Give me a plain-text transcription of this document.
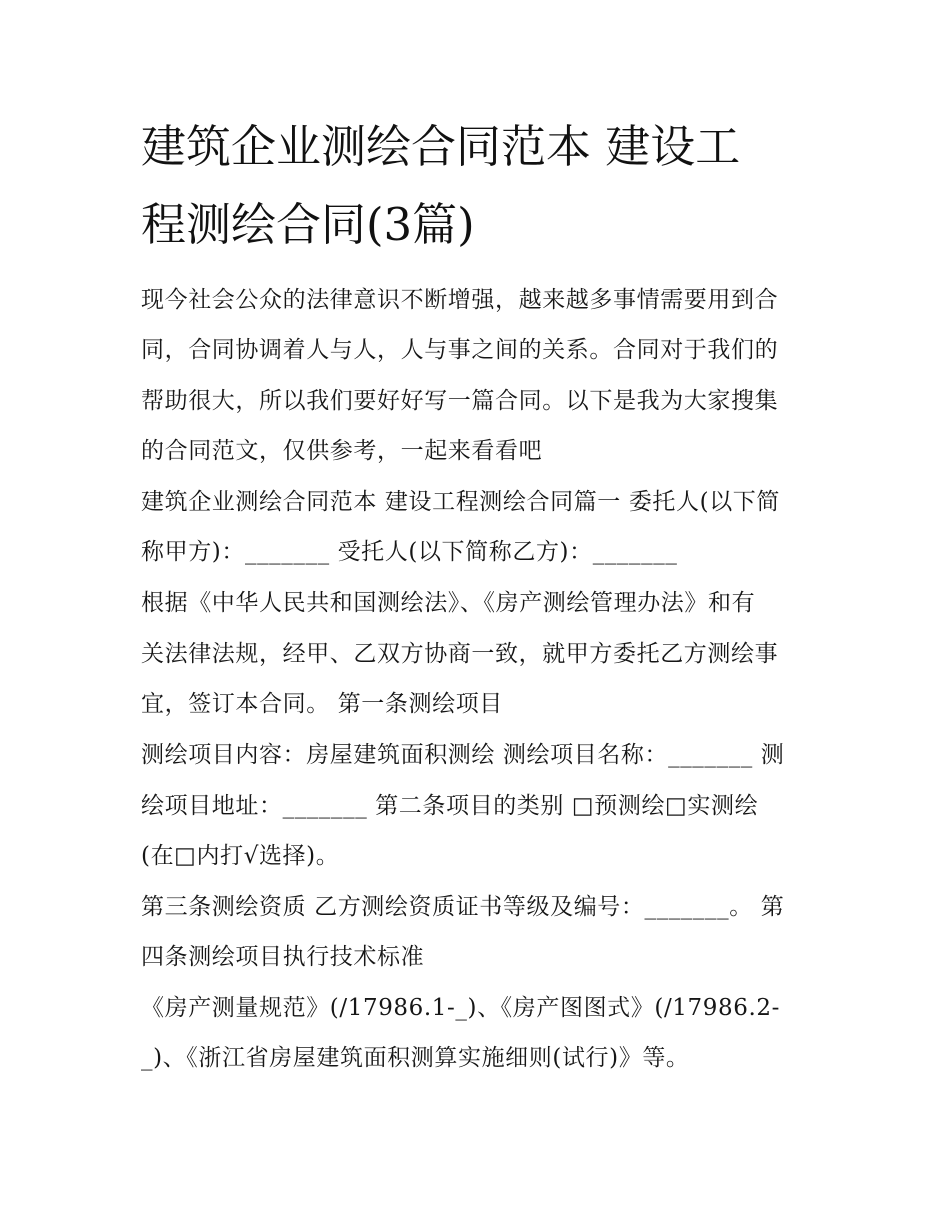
建筑企业测绘合同范本 建设工
程测绘合同(3篇)
现今社会公众的法律意识不断增强，越来越多事情需要用到合
同，合同协调着人与人，人与事之间的关系。合同对于我们的
帮助很大，所以我们要好好写一篇合同。以下是我为大家搜集
的合同范文，仅供参考，一起来看看吧
建筑企业测绘合同范本 建设工程测绘合同篇一 委托人(以下简
称甲方)：_______ 受托人(以下简称乙方)：_______
根据《中华人民共和国测绘法》、《房产测绘管理办法》和有
关法律法规，经甲、乙双方协商一致，就甲方委托乙方测绘事
宜，签订本合同。 第一条测绘项目
测绘项目内容：房屋建筑面积测绘 测绘项目名称：_______ 测
绘项目地址：_______ 第二条项目的类别 □预测绘□实测绘
(在□内打√选择)。
第三条测绘资质 乙方测绘资质证书等级及编号：_______。 第
四条测绘项目执行技术标准
《房产测量规范》(/17986.1-_)、《房产图图式》(/17986.2-
_)、《浙江省房屋建筑面积测算实施细则(试行)》等。
